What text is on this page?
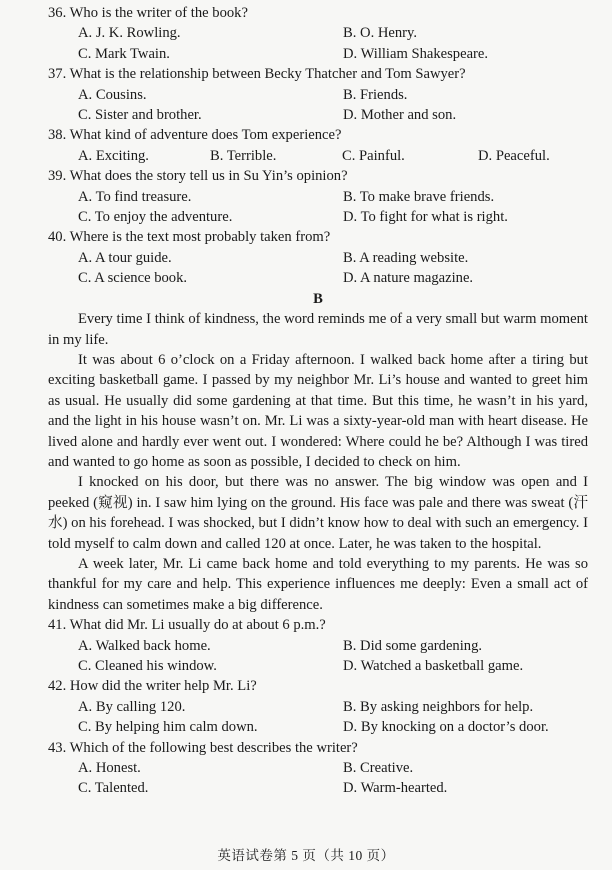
36. Who is the writer of the book?

A. J. K. Rowling.	B. O. Henry.
C. Mark Twain.	D. William Shakespeare.

37. What is the relationship between Becky Thatcher and Tom Sawyer?

A. Cousins.	B. Friends.
C. Sister and brother.	D. Mother and son.

38. What kind of adventure does Tom experience?

A. Exciting.	B. Terrible.	C. Painful.	D. Peaceful.

39. What does the story tell us in Su Yin’s opinion?

A. To find treasure.	B. To make brave friends.
C. To enjoy the adventure.	D. To fight for what is right.

40. Where is the text most probably taken from?

A. A tour guide.	B. A reading website.
C. A science book.	D. A nature magazine.

B

Every time I think of kindness, the word reminds me of a very small but warm moment in my life.

It was about 6 o’clock on a Friday afternoon. I walked back home after a tiring but exciting basketball game. I passed by my neighbor Mr. Li’s house and wanted to greet him as usual. He usually did some gardening at that time. But this time, he wasn’t in his yard, and the light in his house wasn’t on. Mr. Li was a sixty-year-old man with heart disease. He lived alone and hardly ever went out. I wondered: Where could he be? Although I was tired and wanted to go home as soon as possible, I decided to check on him.

I knocked on his door, but there was no answer. The big window was open and I peeked (窥视) in. I saw him lying on the ground. His face was pale and there was sweat (汗水) on his forehead. I was shocked, but I didn’t know how to deal with such an emergency. I told myself to calm down and called 120 at once. Later, he was taken to the hospital.

A week later, Mr. Li came back home and told everything to my parents. He was so thankful for my care and help. This experience influences me deeply: Even a small act of kindness can sometimes make a big difference.

41. What did Mr. Li usually do at about 6 p.m.?

A. Walked back home.	B. Did some gardening.
C. Cleaned his window.	D. Watched a basketball game.

42. How did the writer help Mr. Li?

A. By calling 120.	B. By asking neighbors for help.
C. By helping him calm down.	D. By knocking on a doctor’s door.

43. Which of the following best describes the writer?

A. Honest.	B. Creative.
C. Talented.	D. Warm-hearted.
英语试卷第 5 页（共 10 页）
